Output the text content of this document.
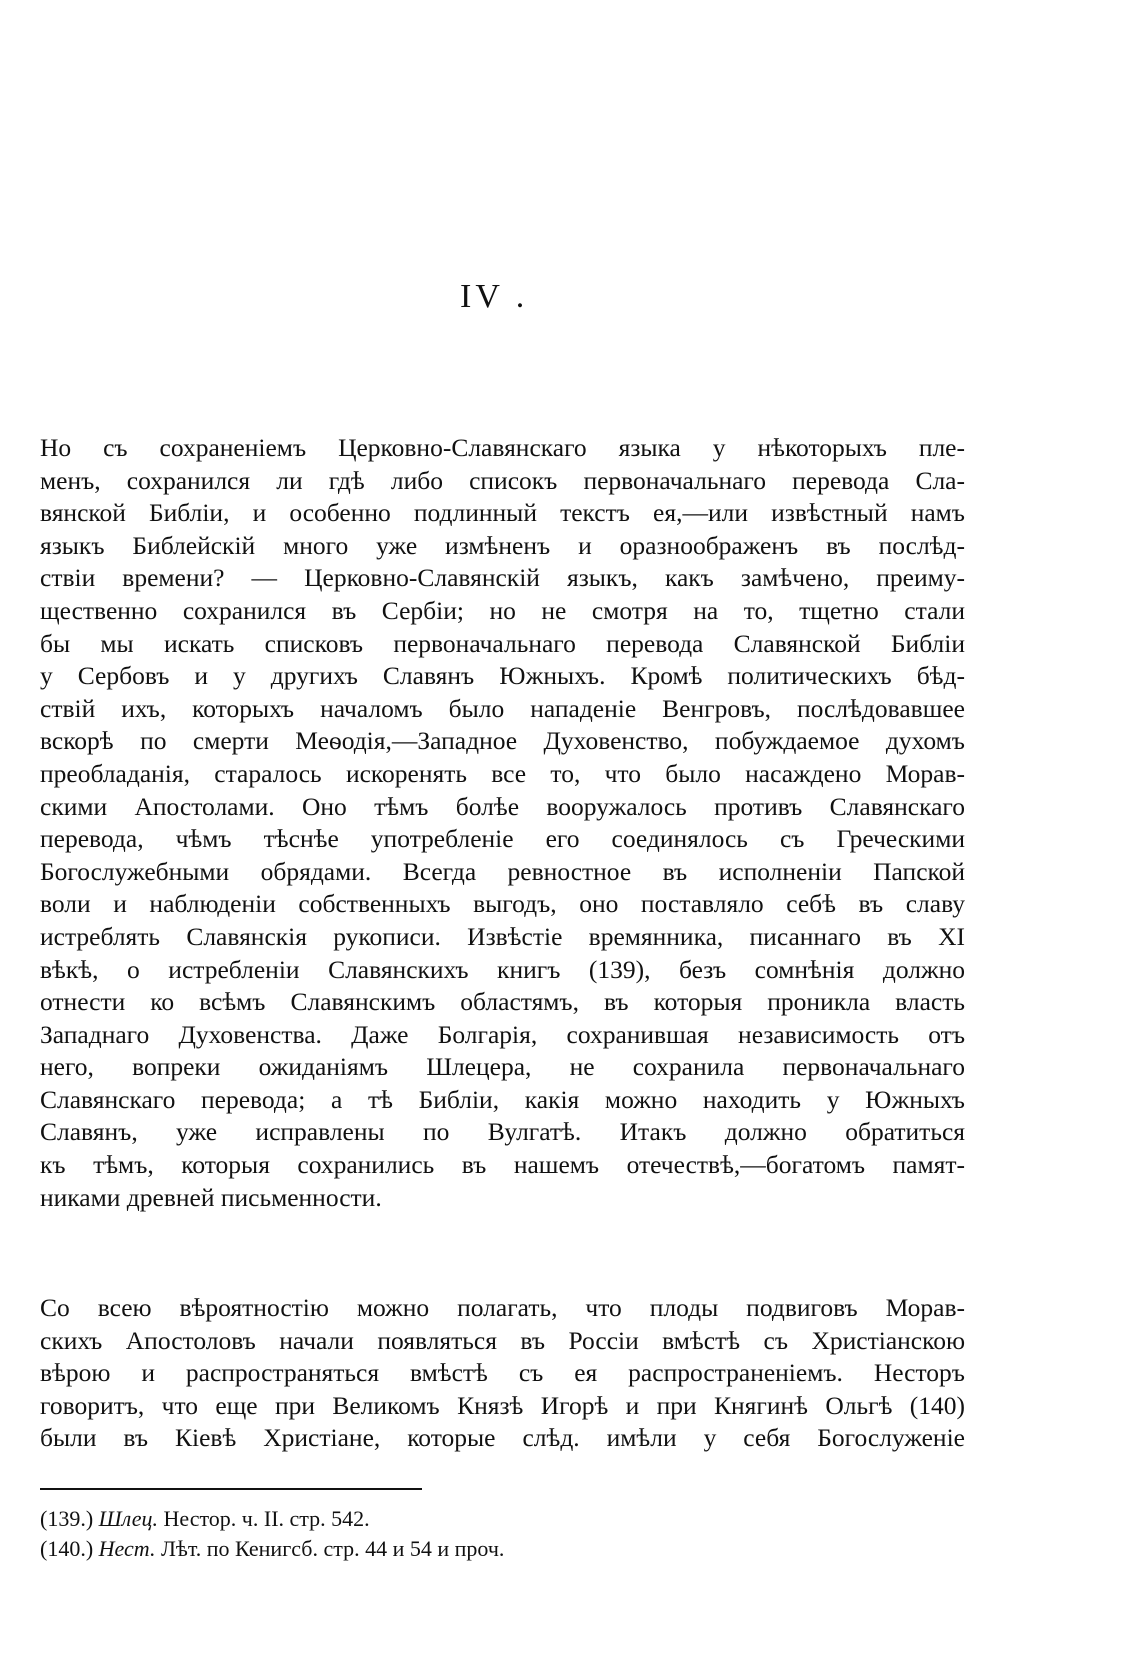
IV .
Но съ сохраненіемъ Церковно-Славянскаго языка у нѣкоторыхъ пле-
менъ, сохранился ли гдѣ либо списокъ первоначальнаго перевода Сла-
вянской Библіи, и особенно подлинный текстъ ея,—или извѣстный намъ
языкъ Библейскій много уже измѣненъ и оразноображенъ въ послѣд-
ствіи времени? — Церковно-Славянскій языкъ, какъ замѣчено, преиму-
щественно сохранился въ Сербіи; но не смотря на то, тщетно стали
бы мы искать списковъ первоначальнаго перевода Славянской Библіи
у Сербовъ и у другихъ Славянъ Южныхъ. Кромѣ политическихъ бѣд-
ствій ихъ, которыхъ началомъ было нападеніе Венгровъ, послѣдовавшее
вскорѣ по смерти Меѳодія,—Западное Духовенство, побуждаемое духомъ
преобладанія, старалось искоренять все то, что было насаждено Морав-
скими Апостолами. Оно тѣмъ болѣе вооружалось противъ Славянскаго
перевода, чѣмъ тѣснѣе употребленіе его соединялось съ Греческими
Богослужебными обрядами. Всегда ревностное въ исполненіи Папской
воли и наблюденіи собственныхъ выгодъ, оно поставляло себѣ въ славу
истреблять Славянскія рукописи. Извѣстіе времянника, писаннаго въ XI
вѣкѣ, о истребленіи Славянскихъ книгъ (139), безъ сомнѣнія должно
отнести ко всѣмъ Славянскимъ областямъ, въ которыя проникла власть
Западнаго Духовенства. Даже Болгарія, сохранившая независимость отъ
него, вопреки ожиданіямъ Шлецера, не сохранила первоначальнаго
Славянскаго перевода; а тѣ Библіи, какія можно находить у Южныхъ
Славянъ, уже исправлены по Вулгатѣ. Итакъ должно обратиться
къ тѣмъ, которыя сохранились въ нашемъ отечествѣ,—богатомъ памят-
никами древней письменности.
Со всею вѣроятностію можно полагать, что плоды подвиговъ Морав-
скихъ Апостоловъ начали появляться въ Россіи вмѣстѣ съ Христіанскою
вѣрою и распространяться вмѣстѣ съ ея распространеніемъ. Несторъ
говоритъ, что еще при Великомъ Князѣ Игорѣ и при Княгинѣ Ольгѣ (140)
были въ Кіевѣ Христіане, которые слѣд. имѣли у себя Богослуженіе
(139.) Шлец. Нестор. ч. II. стр. 542.
(140.) Нест. Лѣт. по Кенигсб. стр. 44 и 54 и проч.
